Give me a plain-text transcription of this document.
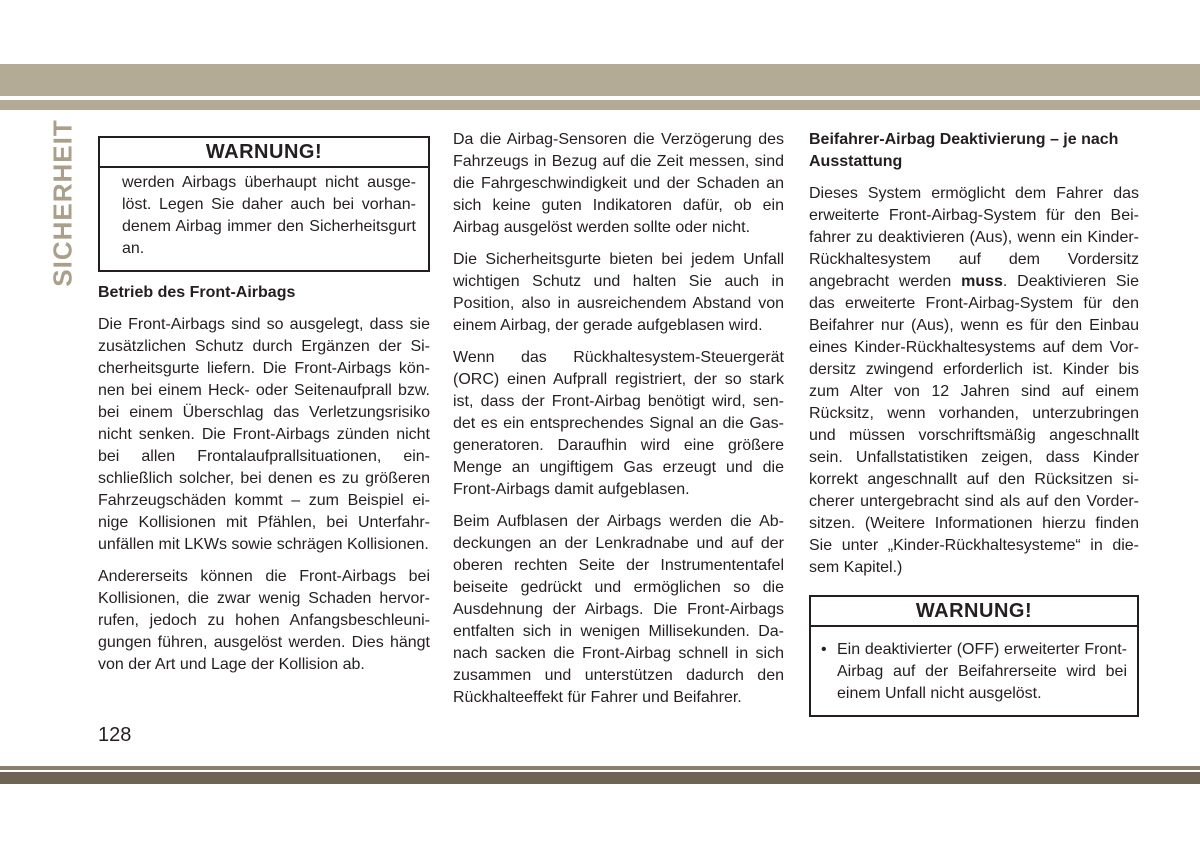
SICHERHEIT	WARNUNG!
werden Airbags überhaupt nicht ausgelöst. Legen Sie daher auch bei vorhandenem Airbag immer den Sicherheitsgurt an.
Betrieb des Front-Airbags

Die Front-Airbags sind so ausgelegt, dass sie zusätzlichen Schutz durch Ergänzen der Sicherheitsgurte liefern. Die Front-Airbags können bei einem Heck- oder Seitenaufprall bzw. bei einem Überschlag das Verletzungsrisiko nicht senken. Die Front-Airbags zünden nicht bei allen Frontalaufprallsituationen, einschließlich solcher, bei denen es zu größeren Fahrzeugschäden kommt – zum Beispiel einige Kollisionen mit Pfählen, bei Unterfahrunfällen mit LKWs sowie schrägen Kollisionen.

Andererseits können die Front-Airbags bei Kollisionen, die zwar wenig Schaden hervorrufen, jedoch zu hohen Anfangsbeschleunigungen führen, ausgelöst werden. Dies hängt von der Art und Lage der Kollision ab.

Da die Airbag-Sensoren die Verzögerung des Fahrzeugs in Bezug auf die Zeit messen, sind die Fahrgeschwindigkeit und der Schaden an sich keine guten Indikatoren dafür, ob ein Airbag ausgelöst werden sollte oder nicht.

Die Sicherheitsgurte bieten bei jedem Unfall wichtigen Schutz und halten Sie auch in Position, also in ausreichendem Abstand von einem Airbag, der gerade aufgeblasen wird.

Wenn das Rückhaltesystem-Steuergerät (ORC) einen Aufprall registriert, der so stark ist, dass der Front-Airbag benötigt wird, sendet es ein entsprechendes Signal an die Gasgeneratoren. Daraufhin wird eine größere Menge an ungiftigem Gas erzeugt und die Front-Airbags damit aufgeblasen.

Beim Aufblasen der Airbags werden die Abdeckungen an der Lenkradnabe und auf der oberen rechten Seite der Instrumententafel beiseite gedrückt und ermöglichen so die Ausdehnung der Airbags. Die Front-Airbags entfalten sich in wenigen Millisekunden. Danach sacken die Front-Airbag schnell in sich zusammen und unterstützen dadurch den Rückhalteeffekt für Fahrer und Beifahrer.

Beifahrer-Airbag Deaktivierung – je nach Ausstattung

Dieses System ermöglicht dem Fahrer das erweiterte Front-Airbag-System für den Beifahrer zu deaktivieren (Aus), wenn ein Kinder-Rückhaltesystem auf dem Vordersitz angebracht werden muss. Deaktivieren Sie das erweiterte Front-Airbag-System für den Beifahrer nur (Aus), wenn es für den Einbau eines Kinder-Rückhaltesystems auf dem Vordersitz zwingend erforderlich ist. Kinder bis zum Alter von 12 Jahren sind auf einem Rücksitz, wenn vorhanden, unterzubringen und müssen vorschriftsmäßig angeschnallt sein. Unfallstatistiken zeigen, dass Kinder korrekt angeschnallt auf den Rücksitzen sicherer untergebracht sind als auf den Vordersitzen. (Weitere Informationen hierzu finden Sie unter „Kinder-Rückhaltesysteme“ in diesem Kapitel.)

WARNUNG!
• Ein deaktivierter (OFF) erweiterter Front-Airbag auf der Beifahrerseite wird bei einem Unfall nicht ausgelöst.
128
